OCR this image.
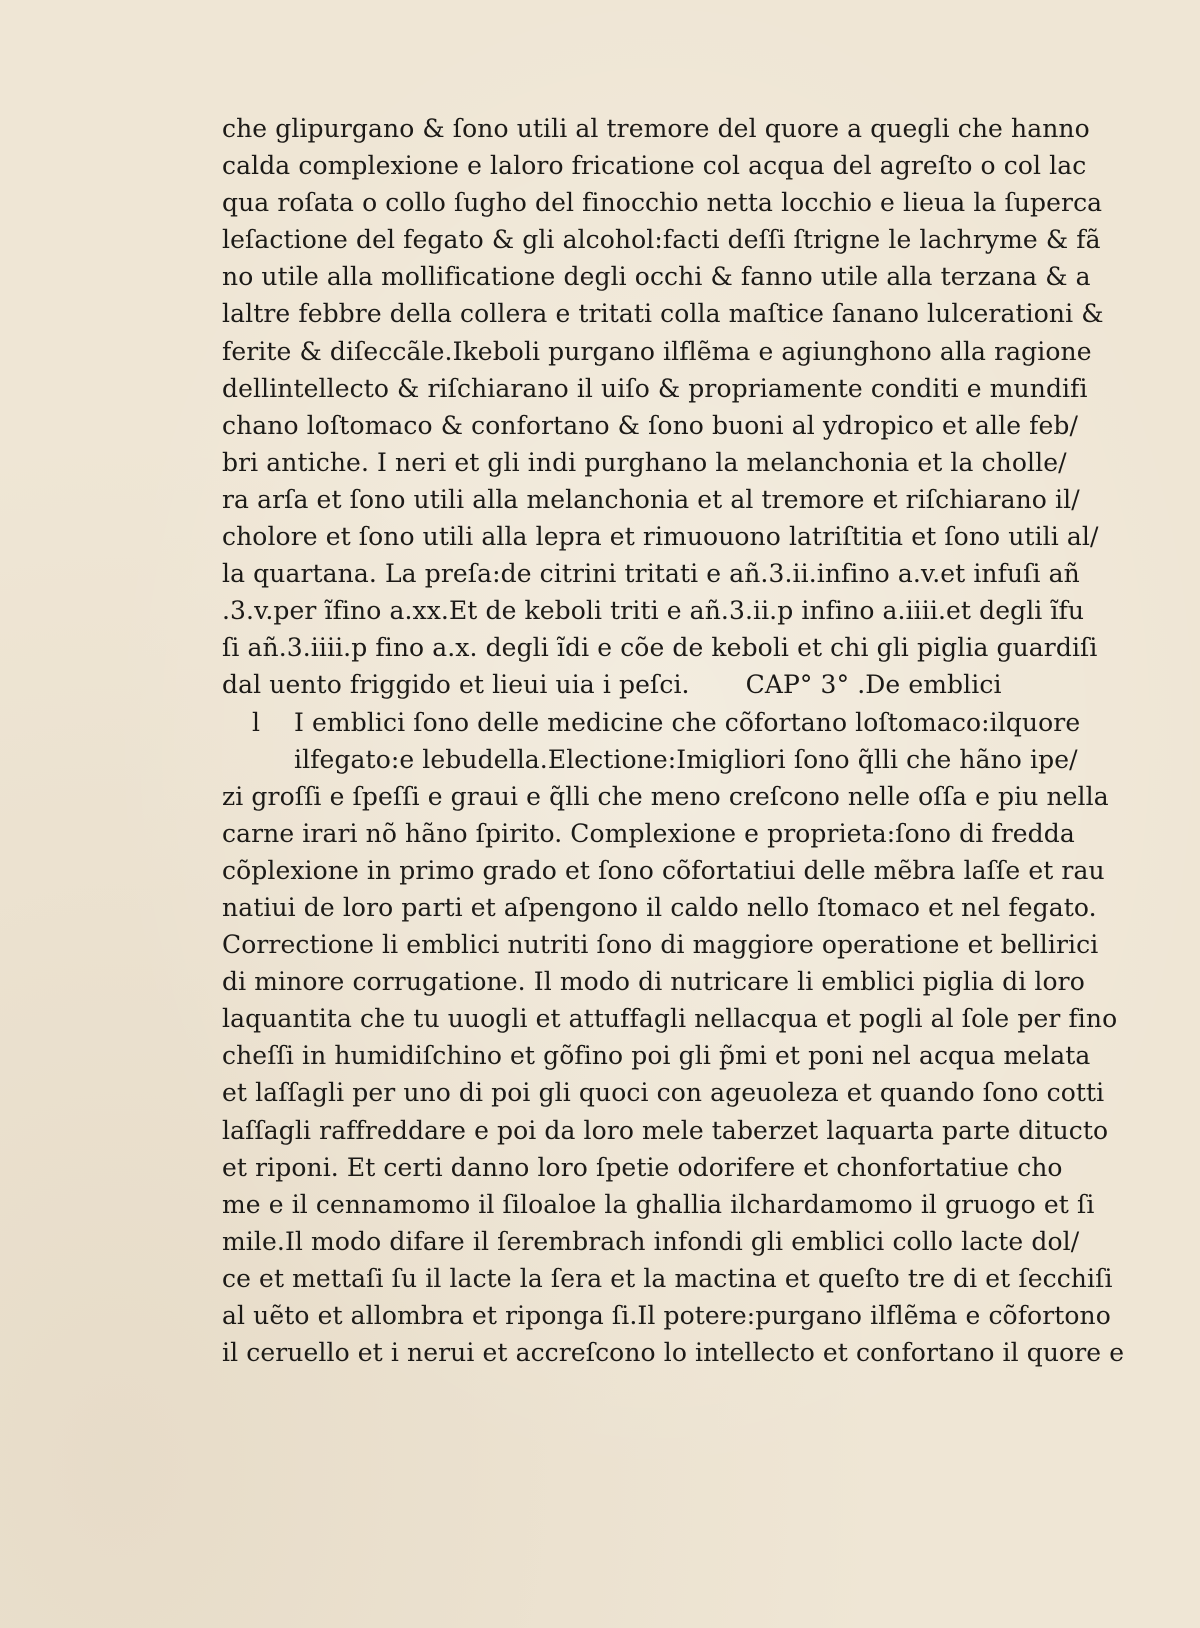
che glipurgano & ſono utili al tremore del quore a quegli che hanno
calda complexione e laloro fricatione col acqua del agreſto o col lac
qua roſata o collo ſugho del finocchio netta locchio e lieua la ſuperca
leſactione del fegato & gli alcohol:facti deſſi ſtrigne le lachryme & fã
no utile alla mollificatione degli occhi & fanno utile alla terzana & a
laltre febbre della collera e tritati colla maſtice ſanano lulcerationi &
ferite & diſeccãle.Ikeboli purgano ilflẽma e agiunghono alla ragione
dellintellecto & riſchiarano il uiſo & propriamente conditi e mundifi
chano loſtomaco & confortano & ſono buoni al ydropico et alle feb/
bri antiche. I neri et gli indi purghano la melanchonia et la cholle/
ra arſa et ſono utili alla melanchonia et al tremore et riſchiarano il/
cholore et ſono utili alla lepra et rimuouono latriſtitia et ſono utili al/
la quartana. La preſa:de citrini tritati e añ.3.ii.infino a.v.et infuſi añ
.3.v.per ĩfino a.xx.Et de keboli triti e añ.3.ii.p infino a.iiii.et degli ĩfu
ſi añ.3.iiii.p fino a.x. degli ĩdi e cõe de keboli et chi gli piglia guardiſi
dal uento friggido et lieui uia i peſci. CAP° 3° .De emblici
l I emblici ſono delle medicine che cõfortano loſtomaco:ilquore
ilfegato:e lebudella.Electione:Imigliori ſono q̃lli che hãno ipe/
zi groſſi e ſpeſſi e graui e q̃lli che meno creſcono nelle oſſa e piu nella
carne irari nõ hãno ſpirito. Complexione e proprieta:ſono di fredda
cõplexione in primo grado et ſono cõfortatiui delle mẽbra laſſe et rau
natiui de loro parti et aſpengono il caldo nello ſtomaco et nel fegato.
Correctione li emblici nutriti ſono di maggiore operatione et bellirici
di minore corrugatione. Il modo di nutricare li emblici piglia di loro
laquantita che tu uuogli et attuffagli nellacqua et pogli al ſole per fino
cheſſi in humidiſchino et gõfino poi gli p̃mi et poni nel acqua melata
et laſſagli per uno di poi gli quoci con ageuoleza et quando ſono cotti
laſſagli raffreddare e poi da loro mele taberzet laquarta parte ditucto
et riponi. Et certi danno loro ſpetie odorifere et chonfortatiue cho
me e il cennamomo il ſiloaloe la ghallia ilchardamomo il gruogo et ſi
mile.Il modo difare il ſerembrach infondi gli emblici collo lacte dol/
ce et mettaſi ſu il lacte la ſera et la mactina et queſto tre di et ſecchiſi
al uẽto et allombra et riponga ſi.Il potere:purgano ilflẽma e cõfortono
il ceruello et i nerui et accreſcono lo intellecto et confortano il quore e
